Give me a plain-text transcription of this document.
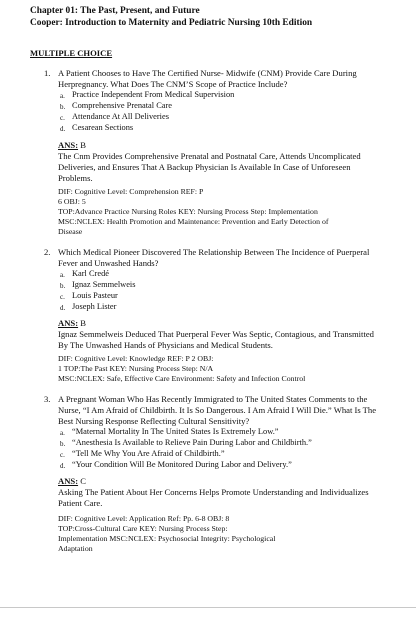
Chapter 01: The Past, Present, and Future
Cooper: Introduction to Maternity and Pediatric Nursing 10th Edition
MULTIPLE CHOICE
1. A Patient Chooses to Have The Certified Nurse- Midwife (CNM) Provide Care During Herpregnancy. What Does The CNM’S Scope of Practice Include?
a. Practice Independent From Medical Supervision
b. Comprehensive Prenatal Care
c. Attendance At All Deliveries
d. Cesarean Sections
ANS: B
The Cnm Provides Comprehensive Prenatal and Postnatal Care, Attends Uncomplicated Deliveries, and Ensures That A Backup Physician Is Available In Case of Unforeseen Problems.
DIF: Cognitive Level: Comprehension REF: P
6 OBJ: 5
TOP:Advance Practice Nursing Roles KEY: Nursing Process Step: Implementation
MSC:NCLEX: Health Promotion and Maintenance: Prevention and Early Detection of
Disease
2. Which Medical Pioneer Discovered The Relationship Between The Incidence of Puerperal Fever and Unwashed Hands?
a. Karl Credé
b. Ignaz Semmelweis
c. Louis Pasteur
d. Joseph Lister
ANS: B
Ignaz Semmelweis Deduced That Puerperal Fever Was Septic, Contagious, and Transmitted By The Unwashed Hands of Physicians and Medical Students.
DIF: Cognitive Level: Knowledge REF: P 2 OBJ:
1 TOP:The Past KEY: Nursing Process Step: N/A
MSC:NCLEX: Safe, Effective Care Environment: Safety and Infection Control
3. A Pregnant Woman Who Has Recently Immigrated to The United States Comments to the Nurse, “I Am Afraid of Childbirth. It Is So Dangerous. I Am Afraid I Will Die.” What Is The Best Nursing Response Reflecting Cultural Sensitivity?
a. “Maternal Mortality In The United States Is Extremely Low.”
b. “Anesthesia Is Available to Relieve Pain During Labor and Childbirth.”
c. “Tell Me Why You Are Afraid of Childbirth.”
d. “Your Condition Will Be Monitored During Labor and Delivery.”
ANS: C
Asking The Patient About Her Concerns Helps Promote Understanding and Individualizes Patient Care.
DIF: Cognitive Level: Application Ref: Pp. 6-8 OBJ: 8
TOP:Cross-Cultural Care KEY: Nursing Process Step:
Implementation MSC:NCLEX: Psychosocial Integrity: Psychological
Adaptation
